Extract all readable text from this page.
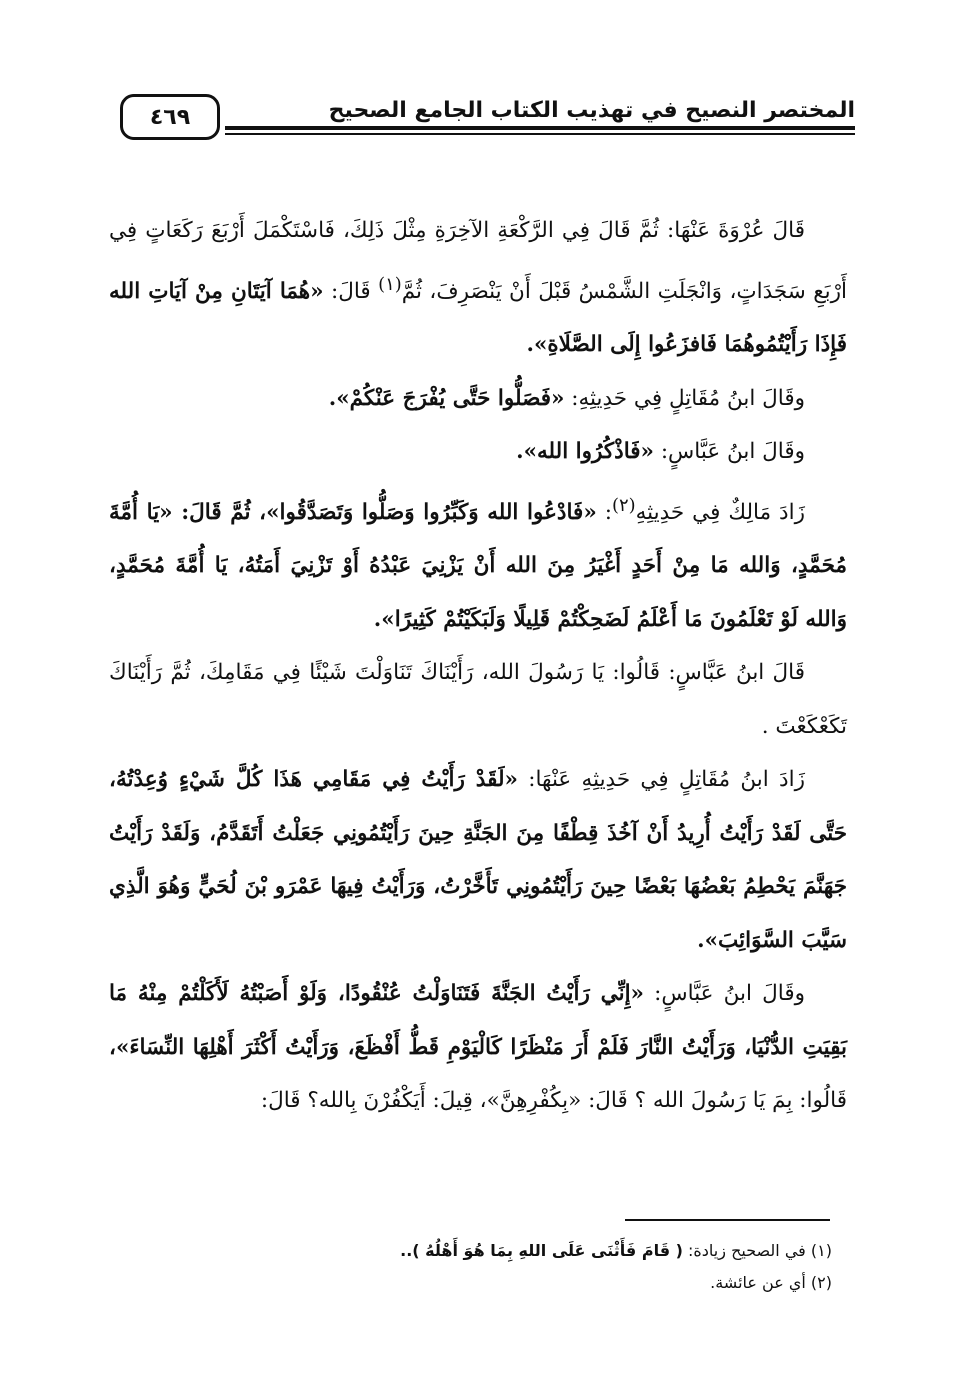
المختصر النصيح في تهذيب الكتاب الجامع الصحيح
٤٦٩

قَالَ عُرْوَةَ عَنْهَا: ثُمَّ قَالَ فِي الرَّكْعَةِ الآخِرَةِ مِثْلَ ذَلِكَ، فَاسْتَكْمَلَ أَرْبَعَ رَكَعَاتٍ فِي أَرْبَعِ سَجَدَاتٍ، وَانْجَلَتِ الشَّمْسُ قَبْلَ أَنْ يَنْصَرِفَ، ثُمَّ$^{(١)}$ قَالَ: «هُمَا آيَتَانِ مِنْ آيَاتِ الله فَإِذَا رَأَيْتُمُوهُمَا فَافزَعُوا إِلَى الصَّلَاةِ».

وقَالَ ابنُ مُقَاتِلٍ فِي حَدِيثِهِ: «فَصَلُّوا حَتَّى يُفْرَجَ عَنْكُمْ».

وقَالَ ابنُ عَبَّاسٍ: «فَاذْكُرُوا الله».

زَادَ مَالِكٌ فِي حَدِيثِهِ$^{(٢)}$: «فَادْعُوا الله وَكَبِّرُوا وَصَلُّوا وَتَصَدَّقُوا»، ثُمَّ قَالَ: «يَا أُمَّةَ مُحَمَّدٍ، وَالله مَا مِنْ أَحَدٍ أَغْيَرُ مِنَ الله أَنْ يَزْنِيَ عَبْدُهُ أَوْ تَزْنِيَ أَمَتُهُ، يَا أُمَّةَ مُحَمَّدٍ، وَالله لَوْ تَعْلَمُونَ مَا أَعْلَمُ لَضَحِكْتُمْ قَلِيلًا وَلَبَكَيْتُمْ كَثِيرًا».

قَالَ ابنُ عَبَّاسٍ: قَالُوا: يَا رَسُولَ الله، رَأَيْنَاكَ تَنَاوَلْتَ شَيْئًا فِي مَقَامِكَ، ثُمَّ رَأَيْنَاكَ تَكَعْكَعْتَ .

زَادَ ابنُ مُقَاتِلٍ فِي حَدِيثِهِ عَنْهَا: «لَقَدْ رَأَيْتُ فِي مَقَامِي هَذَا كُلَّ شَيْءٍ وُعِدْتُهُ، حَتَّى لَقَدْ رَأَيْتُ أُرِيدُ أَنْ آخُذَ قِطْفًا مِنَ الجَنَّةِ حِينَ رَأَيْتُمُونِي جَعَلْتُ أَتَقَدَّمُ، وَلَقَدْ رَأَيْتُ جَهَنَّمَ يَحْطِمُ بَعْضُهَا بَعْضًا حِينَ رَأَيْتُمُونِي تَأَخَّرْتُ، وَرَأَيْتُ فِيهَا عَمْرَو بْنَ لُحَيٍّ وَهُوَ الَّذِي سَيَّبَ السَّوَائِبَ».

وقَالَ ابنُ عَبَّاسٍ: «إِنِّي رَأَيْتُ الجَنَّةَ فَتَنَاوَلْتُ عُنْقُودًا، وَلَوْ أَصَبْتُهُ لَأَكَلْتُمْ مِنْهُ مَا بَقِيَتِ الدُّنْيَا، وَرَأَيْتُ النَّارَ فَلَمْ أَرَ مَنْظَرًا كَالْيَوْمِ قَطُّ أَفْظَعَ، وَرَأَيْتُ أَكْثَرَ أَهْلِهَا النِّسَاءَ»، قَالُوا: بِمَ يَا رَسُولَ الله ؟ قَالَ: «بِكُفْرِهِنَّ»، قِيلَ: أَيَكْفُرْنَ بِالله؟ قَالَ:

(١) في الصحيح زيادة: ( قَامَ فَأَثْنَى عَلَى اللهِ بِمَا هُوَ أَهْلُهُ )..

(٢) أي عن عائشة.
